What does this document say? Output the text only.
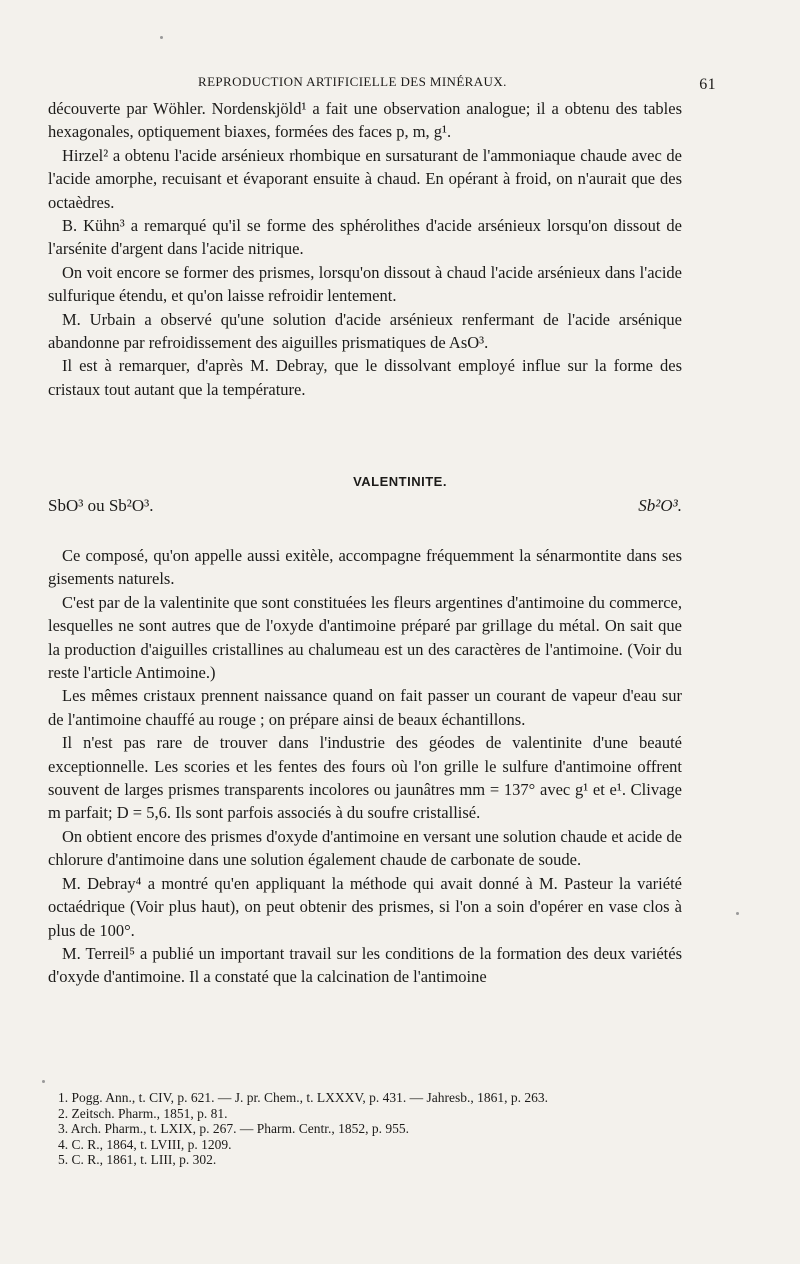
REPRODUCTION ARTIFICIELLE DES MINÉRAUX.	61

découverte par Wöhler. Nordenskjöld¹ a fait une observation analogue; il a obtenu des tables hexagonales, optiquement biaxes, formées des faces p, m, g¹.

Hirzel² a obtenu l'acide arsénieux rhombique en sursaturant de l'ammoniaque chaude avec de l'acide amorphe, recuisant et évaporant ensuite à chaud. En opérant à froid, on n'aurait que des octaèdres.

B. Kühn³ a remarqué qu'il se forme des sphérolithes d'acide arsénieux lorsqu'on dissout de l'arsénite d'argent dans l'acide nitrique.

On voit encore se former des prismes, lorsqu'on dissout à chaud l'acide arsénieux dans l'acide sulfurique étendu, et qu'on laisse refroidir lentement.

M. Urbain a observé qu'une solution d'acide arsénieux renfermant de l'acide arsénique abandonne par refroidissement des aiguilles prismatiques de AsO³.

Il est à remarquer, d'après M. Debray, que le dissolvant employé influe sur la forme des cristaux tout autant que la température.

VALENTINITE.
SbO³ ou Sb²O³.	Sb²O³.

Ce composé, qu'on appelle aussi exitèle, accompagne fréquemment la sénarmontite dans ses gisements naturels.

C'est par de la valentinite que sont constituées les fleurs argentines d'antimoine du commerce, lesquelles ne sont autres que de l'oxyde d'antimoine préparé par grillage du métal. On sait que la production d'aiguilles cristallines au chalumeau est un des caractères de l'antimoine. (Voir du reste l'article Antimoine.)

Les mêmes cristaux prennent naissance quand on fait passer un courant de vapeur d'eau sur de l'antimoine chauffé au rouge ; on prépare ainsi de beaux échantillons.

Il n'est pas rare de trouver dans l'industrie des géodes de valentinite d'une beauté exceptionnelle. Les scories et les fentes des fours où l'on grille le sulfure d'antimoine offrent souvent de larges prismes transparents incolores ou jaunâtres mm = 137° avec g¹ et e¹. Clivage m parfait; D = 5,6. Ils sont parfois associés à du soufre cristallisé.

On obtient encore des prismes d'oxyde d'antimoine en versant une solution chaude et acide de chlorure d'antimoine dans une solution également chaude de carbonate de soude.

M. Debray⁴ a montré qu'en appliquant la méthode qui avait donné à M. Pasteur la variété octaédrique (Voir plus haut), on peut obtenir des prismes, si l'on a soin d'opérer en vase clos à plus de 100°.

M. Terreil⁵ a publié un important travail sur les conditions de la formation des deux variétés d'oxyde d'antimoine. Il a constaté que la calcination de l'antimoine

1. Pogg. Ann., t. CIV, p. 621. — J. pr. Chem., t. LXXXV, p. 431. — Jahresb., 1861, p. 263.
2. Zeitsch. Pharm., 1851, p. 81.
3. Arch. Pharm., t. LXIX, p. 267. — Pharm. Centr., 1852, p. 955.
4. C. R., 1864, t. LVIII, p. 1209.
5. C. R., 1861, t. LIII, p. 302.
